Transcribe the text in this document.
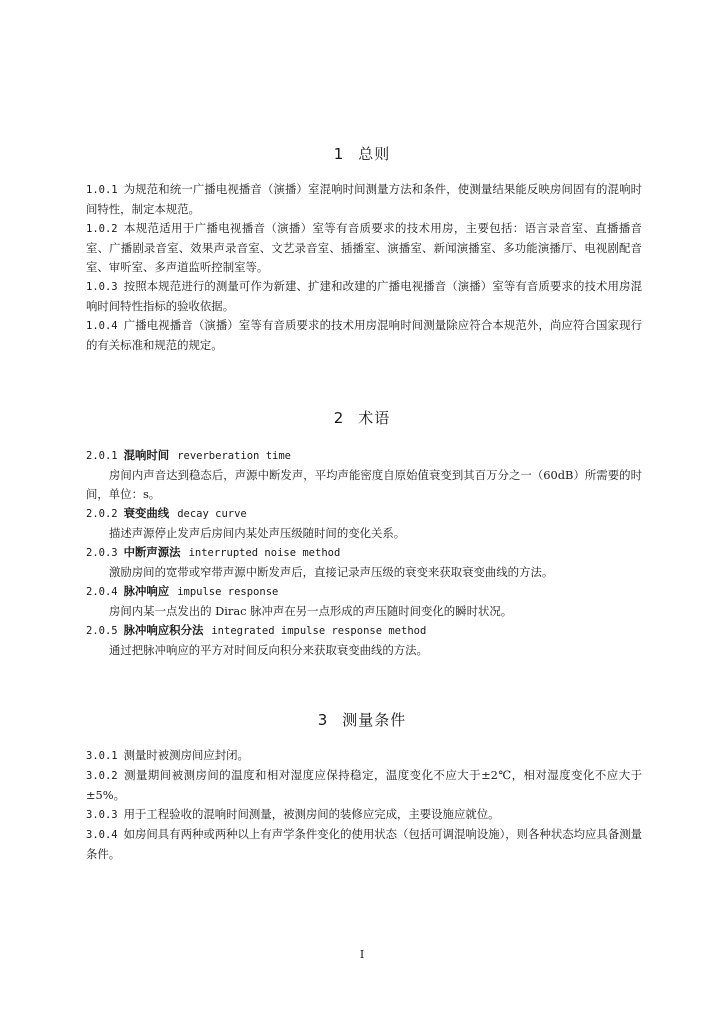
1 总则

1.0.1 为规范和统一广播电视播音（演播）室混响时间测量方法和条件，使测量结果能反映房间固有的混响时间特性，制定本规范。

1.0.2 本规范适用于广播电视播音（演播）室等有音质要求的技术用房，主要包括：语言录音室、直播播音室、广播剧录音室、效果声录音室、文艺录音室、插播室、演播室、新闻演播室、多功能演播厅、电视剧配音室、审听室、多声道监听控制室等。

1.0.3 按照本规范进行的测量可作为新建、扩建和改建的广播电视播音（演播）室等有音质要求的技术用房混响时间特性指标的验收依据。

1.0.4 广播电视播音（演播）室等有音质要求的技术用房混响时间测量除应符合本规范外，尚应符合国家现行的有关标准和规范的规定。

2 术语

2.0.1 混响时间 reverberation time

房间内声音达到稳态后，声源中断发声，平均声能密度自原始值衰变到其百万分之一（60dB）所需要的时间，单位：s。

2.0.2 衰变曲线 decay curve

描述声源停止发声后房间内某处声压级随时间的变化关系。

2.0.3 中断声源法 interrupted noise method

激励房间的宽带或窄带声源中断发声后，直接记录声压级的衰变来获取衰变曲线的方法。

2.0.4 脉冲响应 impulse response

房间内某一点发出的 Dirac 脉冲声在另一点形成的声压随时间变化的瞬时状况。

2.0.5 脉冲响应积分法 integrated impulse response method

通过把脉冲响应的平方对时间反向积分来获取衰变曲线的方法。

3 测量条件

3.0.1 测量时被测房间应封闭。

3.0.2 测量期间被测房间的温度和相对湿度应保持稳定，温度变化不应大于±2℃，相对湿度变化不应大于±5%。

3.0.3 用于工程验收的混响时间测量，被测房间的装修应完成，主要设施应就位。

3.0.4 如房间具有两种或两种以上有声学条件变化的使用状态（包括可调混响设施），则各种状态均应具备测量条件。

I
